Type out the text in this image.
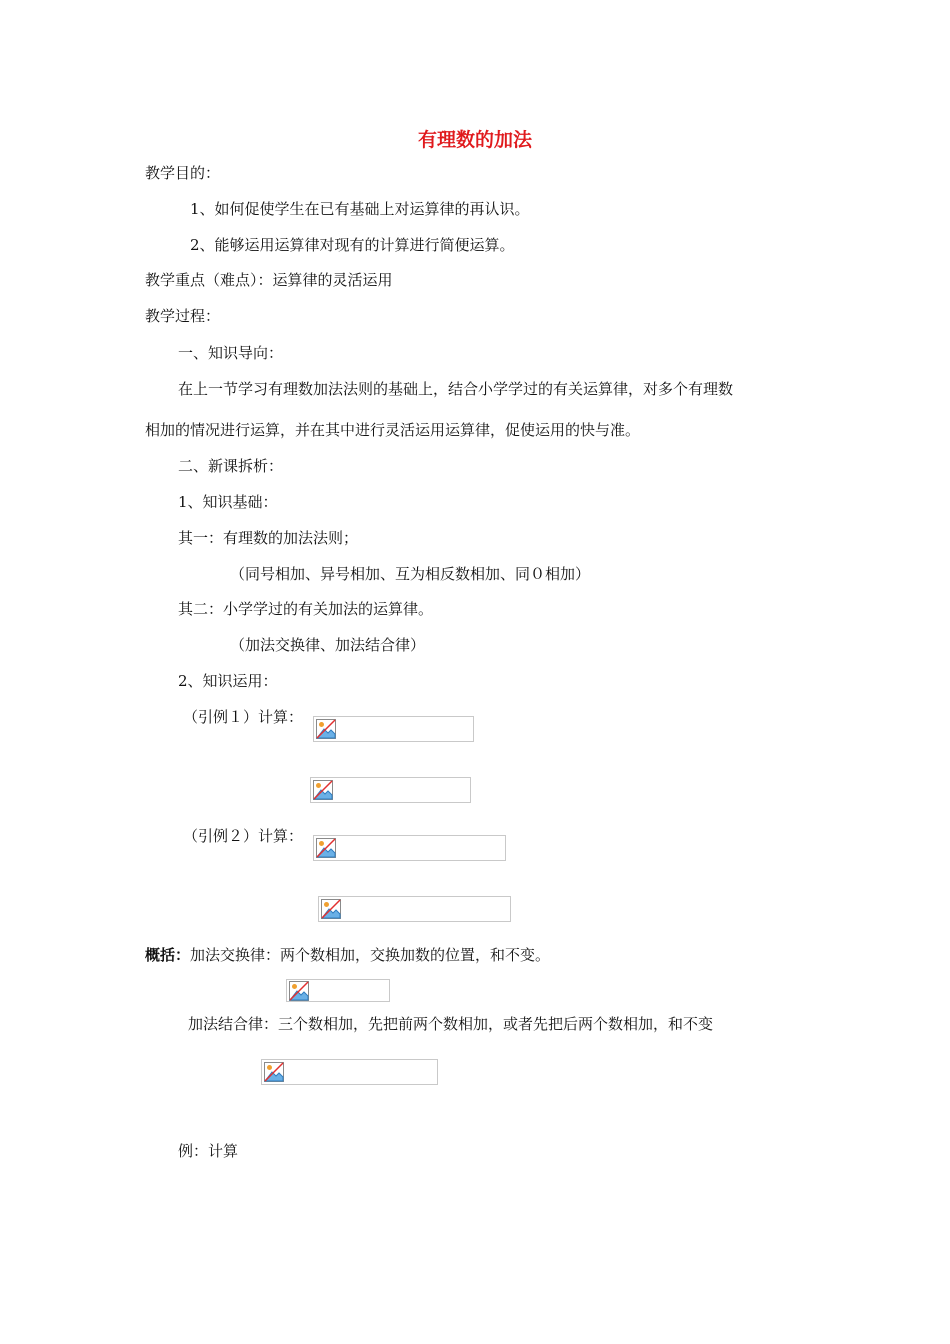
有理数的加法
教学目的：
1、如何促使学生在已有基础上对运算律的再认识。
2、能够运用运算律对现有的计算进行简便运算。
教学重点（难点）：运算律的灵活运用
教学过程：
一、知识导向：
在上一节学习有理数加法法则的基础上，结合小学学过的有关运算律，对多个有理数
相加的情况进行运算，并在其中进行灵活运用运算律，促使运用的快与准。
二、新课拆析：
1、知识基础：
其一：有理数的加法法则；
（同号相加、异号相加、互为相反数相加、同０相加）
其二：小学学过的有关加法的运算律。
（加法交换律、加法结合律）
2、知识运用：
（引例１）计算：
（引例２）计算：
概括：加法交换律：两个数相加，交换加数的位置，和不变。
加法结合律：三个数相加，先把前两个数相加，或者先把后两个数相加，和不变
例：计算
